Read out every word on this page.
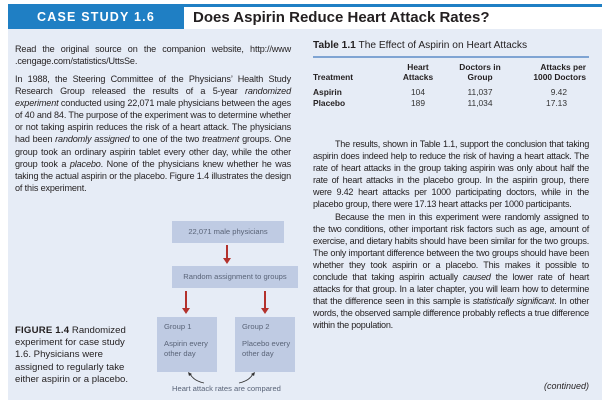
CASE STUDY 1.6	Does Aspirin Reduce Heart Attack Rates?

Read the original source on the companion website, http://www .cengage.com/statistics/UttsSe.

In 1988, the Steering Committee of the Physicians’ Health Study Research Group released the results of a 5-year randomized experiment conducted using 22,071 male physicians between the ages of 40 and 84. The purpose of the experiment was to determine whether or not taking aspirin reduces the risk of a heart attack. The physicians had been randomly assigned to one of the two treatment groups. One group took an ordinary aspirin tablet every other day, while the other group took a placebo. None of the physicians knew whether he was taking the actual aspirin or the placebo. Figure 1.4 illustrates the design of this experiment.

22,071 male physicians
Random assignment to groups
Group 1
Aspirin every other day
Group 2
Placebo every other day
Heart attack rates are compared
FIGURE 1.4 Randomized experiment for case study 1.6. Physicians were assigned to regularly take either aspirin or a placebo.
Table 1.1 The Effect of Aspirin on Heart Attacks
Treatment	Heart Attacks	Doctors in Group	Attacks per 1000 Doctors
Aspirin	104	11,037	9.42
Placebo	189	11,034	17.13

The results, shown in Table 1.1, support the conclusion that taking aspirin does indeed help to reduce the risk of having a heart attack. The rate of heart attacks in the group taking aspirin was only about half the rate of heart attacks in the placebo group. In the aspirin group, there were 9.42 heart attacks per 1000 participating doctors, while in the placebo group, there were 17.13 heart attacks per 1000 participants.

Because the men in this experiment were randomly assigned to the two conditions, other important risk factors such as age, amount of exercise, and dietary habits should have been similar for the two groups. The only important difference between the two groups should have been whether they took aspirin or a placebo. This makes it possible to conclude that taking aspirin actually caused the lower rate of heart attacks for that group. In a later chapter, you will learn how to determine that the difference seen in this sample is statistically significant. In other words, the observed sample difference probably reflects a true difference within the population.

(continued)
